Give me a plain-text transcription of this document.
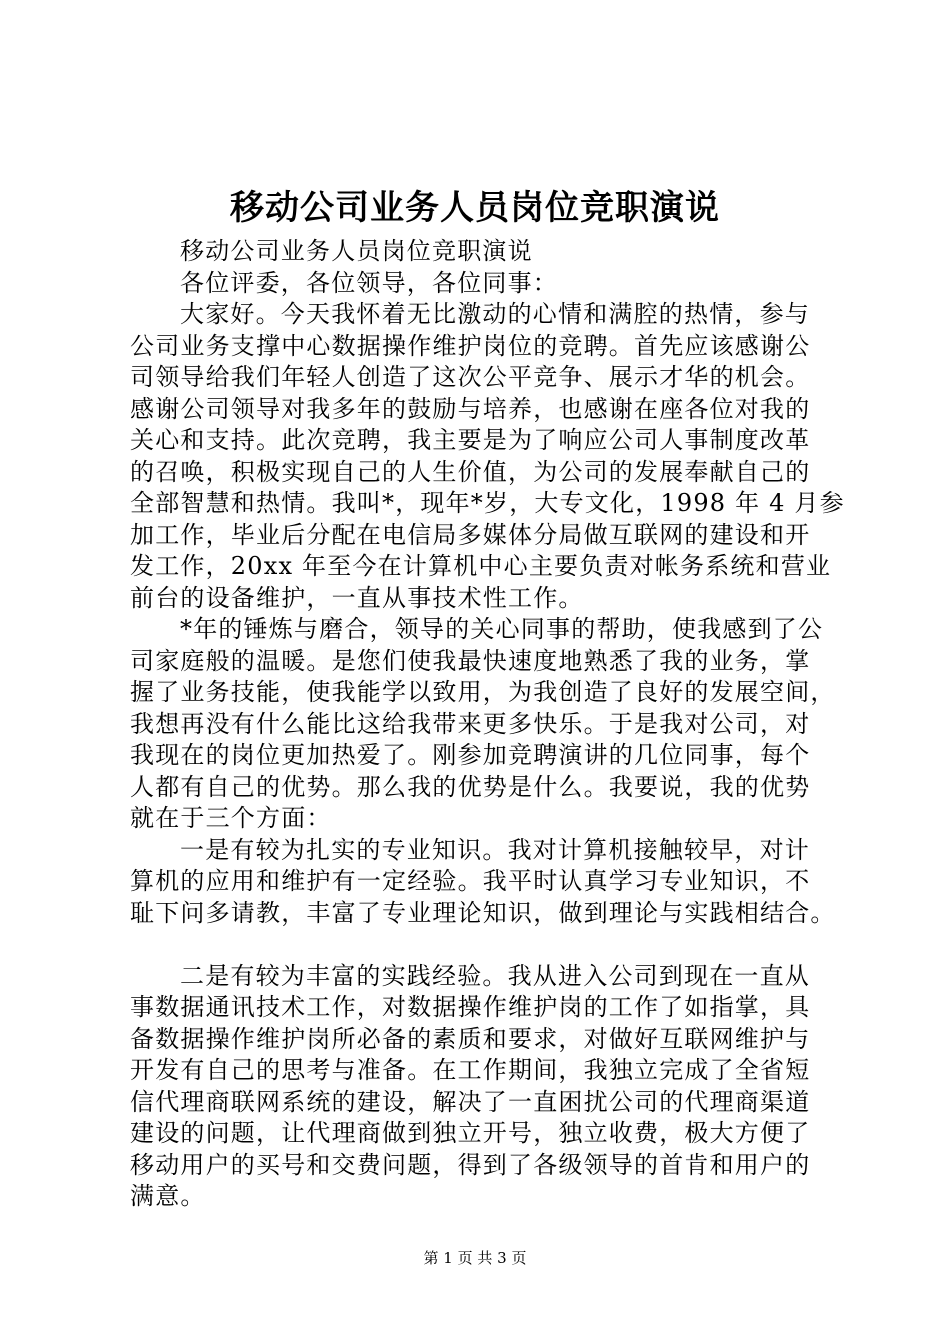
移动公司业务人员岗位竞职演说
移动公司业务人员岗位竞职演说
各位评委，各位领导，各位同事：
大家好。今天我怀着无比激动的心情和满腔的热情，参与
公司业务支撑中心数据操作维护岗位的竞聘。首先应该感谢公
司领导给我们年轻人创造了这次公平竞争、展示才华的机会。
感谢公司领导对我多年的鼓励与培养，也感谢在座各位对我的
关心和支持。此次竞聘，我主要是为了响应公司人事制度改革
的召唤，积极实现自己的人生价值，为公司的发展奉献自己的
全部智慧和热情。我叫*，现年*岁，大专文化，1998 年 4 月参
加工作，毕业后分配在电信局多媒体分局做互联网的建设和开
发工作，20xx 年至今在计算机中心主要负责对帐务系统和营业
前台的设备维护，一直从事技术性工作。
*年的锤炼与磨合，领导的关心同事的帮助，使我感到了公
司家庭般的温暖。是您们使我最快速度地熟悉了我的业务，掌
握了业务技能，使我能学以致用，为我创造了良好的发展空间，
我想再没有什么能比这给我带来更多快乐。于是我对公司，对
我现在的岗位更加热爱了。刚参加竞聘演讲的几位同事，每个
人都有自己的优势。那么我的优势是什么。我要说，我的优势
就在于三个方面：
一是有较为扎实的专业知识。我对计算机接触较早，对计
算机的应用和维护有一定经验。我平时认真学习专业知识，不
耻下问多请教，丰富了专业理论知识，做到理论与实践相结合。
二是有较为丰富的实践经验。我从进入公司到现在一直从
事数据通讯技术工作，对数据操作维护岗的工作了如指掌，具
备数据操作维护岗所必备的素质和要求，对做好互联网维护与
开发有自己的思考与准备。在工作期间，我独立完成了全省短
信代理商联网系统的建设，解决了一直困扰公司的代理商渠道
建设的问题，让代理商做到独立开号，独立收费，极大方便了
移动用户的买号和交费问题，得到了各级领导的首肯和用户的
满意。
第 1 页 共 3 页
